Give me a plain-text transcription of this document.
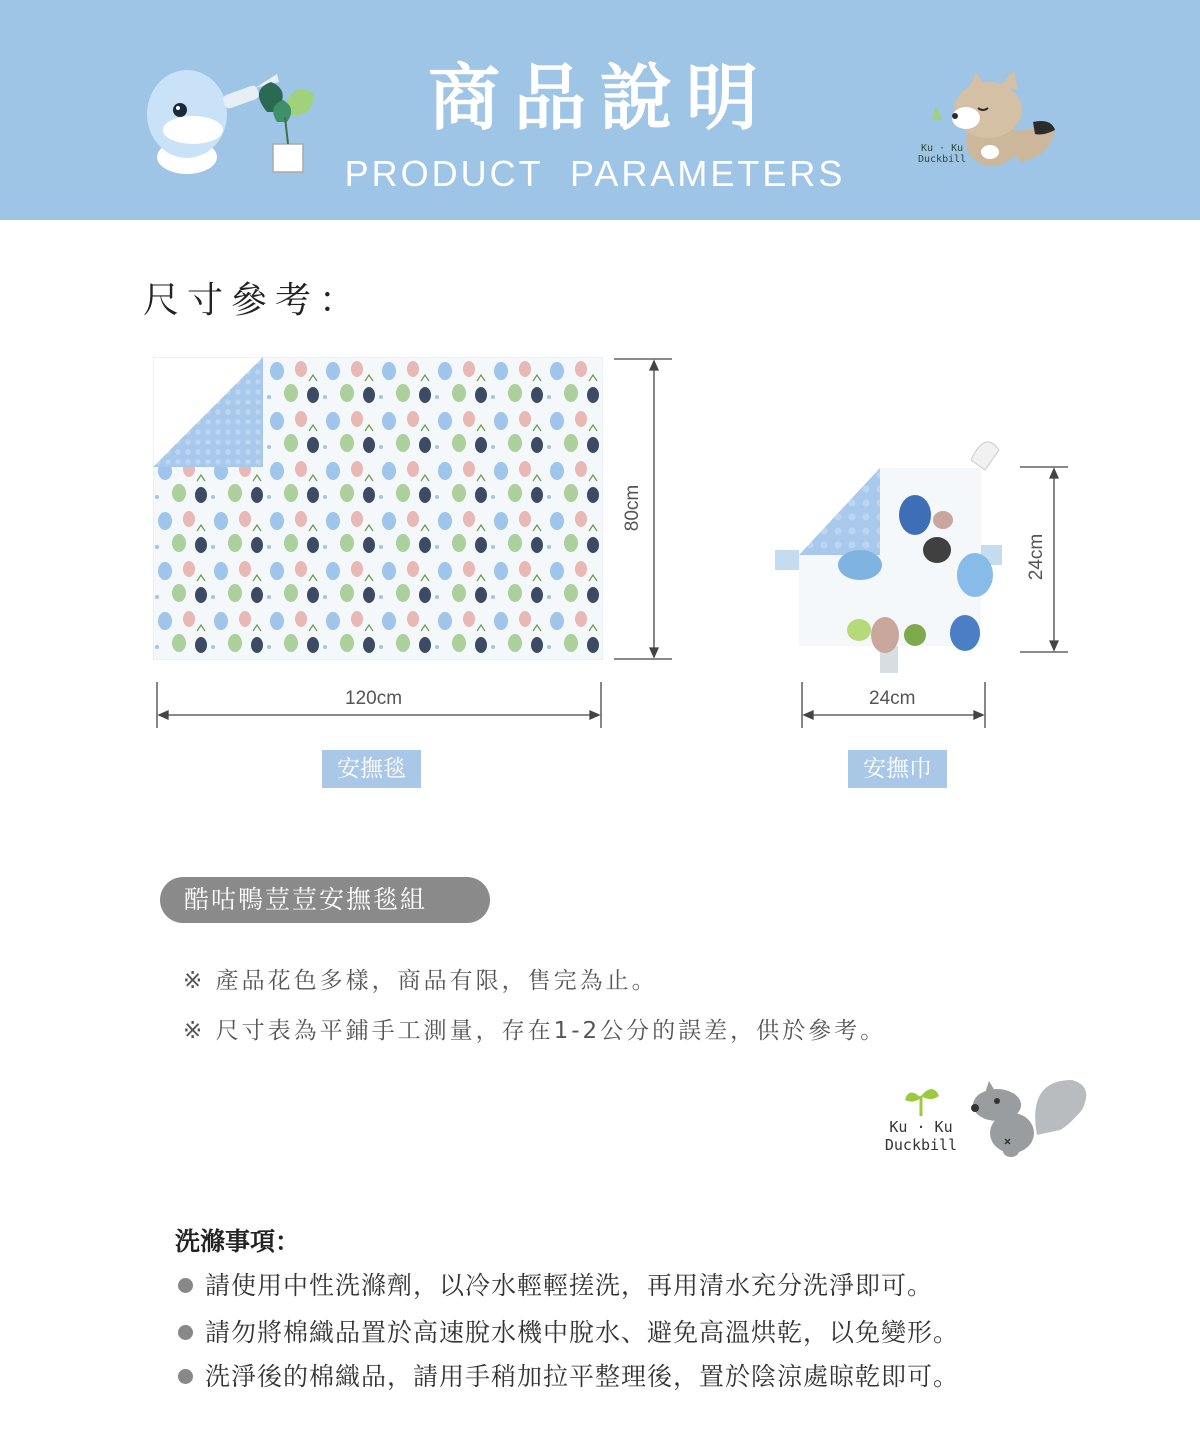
商品說明
PRODUCT PARAMETERS
Ku · Ku
Duckbill
尺寸參考：
120cm
80cm
24cm
24cm
安撫毯	安撫巾
酷咕鴨荳荳安撫毯組
※ 產品花色多樣，商品有限，售完為止。
※ 尺寸表為平鋪手工測量，存在1-2公分的誤差，供於參考。
Ku · Ku
Duckbill
洗滌事項：
請使用中性洗滌劑，以冷水輕輕搓洗，再用清水充分洗淨即可。
請勿將棉織品置於高速脫水機中脫水、避免高溫烘乾，以免變形。
洗淨後的棉織品，請用手稍加拉平整理後，置於陰涼處晾乾即可。
